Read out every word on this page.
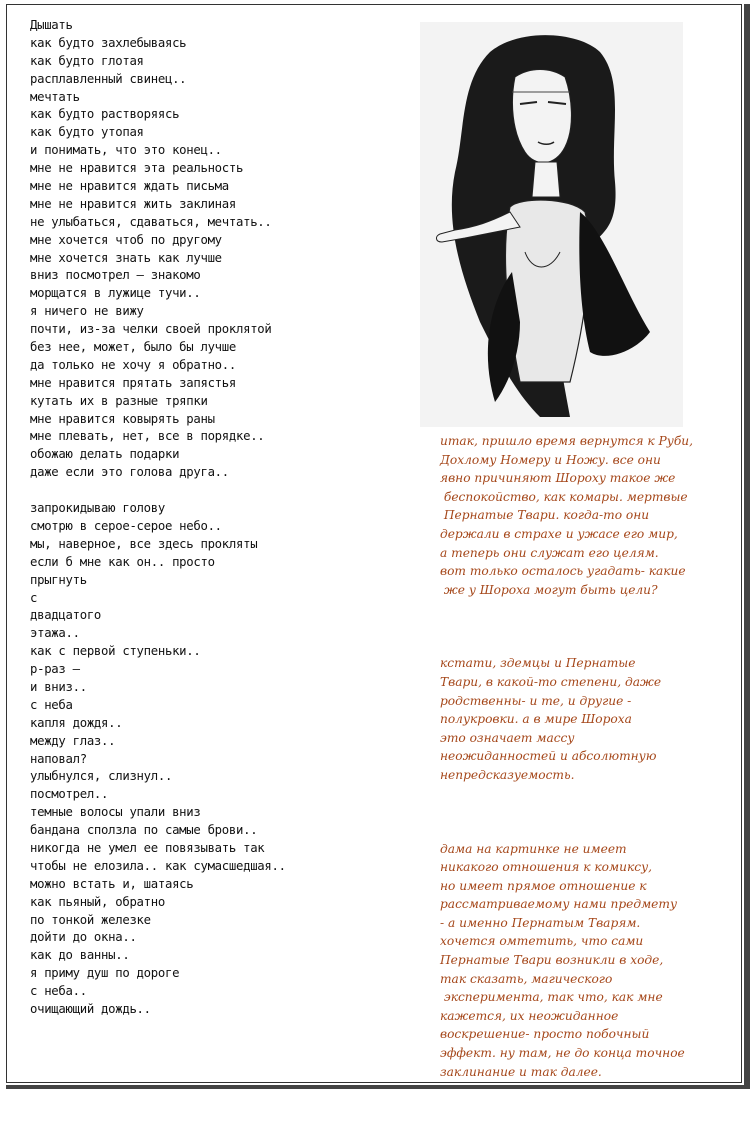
Дышать
как будто захлебываясь
как будто глотая
расплавленный свинец..
мечтать
как будто растворяясь
как будто утопая
и понимать, что это конец..
мне не нравится эта реальность
мне не нравится ждать письма
мне не нравится жить заклиная
не улыбаться, сдаваться, мечтать..
мне хочется чтоб по другому
мне хочется знать как лучше
вниз посмотрел – знакомо
морщатся в лужице тучи..
я ничего не вижу
почти, из-за челки своей проклятой
без нее, может, было бы лучше
да только не хочу я обратно..
мне нравится прятать запястья
кутать их в разные тряпки
мне нравится ковырять раны
мне плевать, нет, все в порядке..
обожаю делать подарки
даже если это голова друга..
запрокидываю голову
смотрю в серое-серое небо..
мы, наверное, все здесь прокляты
если б мне как он.. просто
прыгнуть
с
двадцатого
этажа..
как с первой ступеньки..
р-раз –
и вниз..
с неба
капля дождя..
между глаз..
наповал?
улыбнулся, слизнул..
посмотрел..
темные волосы упали вниз
бандана сползла по самые брови..
никогда не умел ее повязывать так
чтобы не елозила.. как сумасшедшая..
можно встать и, шатаясь
как пьяный, обратно
по тонкой железке
дойти до окна..
как до ванны..
я приму душ по дороге
с неба..
очищающий дождь..
итак, пришло время вернутся к Руби,
Дохлому Номеру и Ножу. все они
явно причиняют Шороху такое же
беспокойство, как комары. мертвые
Пернатые Твари. когда-то они
держали в страхе и ужасе его мир,
а теперь они служат его целям.
вот только осталось угадать- какие
же у Шороха могут быть цели?
кстати, здемцы и Пернатые
Твари, в какой-то степени, даже
родственны- и те, и другие -
полукровки. а в мире Шороха
это означает массу
неожиданностей и абсолютную
непредсказуемость.
дама на картинке не имеет
никакого отношения к комиксу,
но имеет прямое отношение к
рассматриваемому нами предмету
- а именно Пернатым Тварям.
хочется омтетить, что сами
Пернатые Твари возникли в ходе,
так сказать, магического
эксперимента, так что, как мне
кажется, их неожиданное
воскрешение- просто побочный
эффект. ну там, не до конца точное
заклинание и так далее.
